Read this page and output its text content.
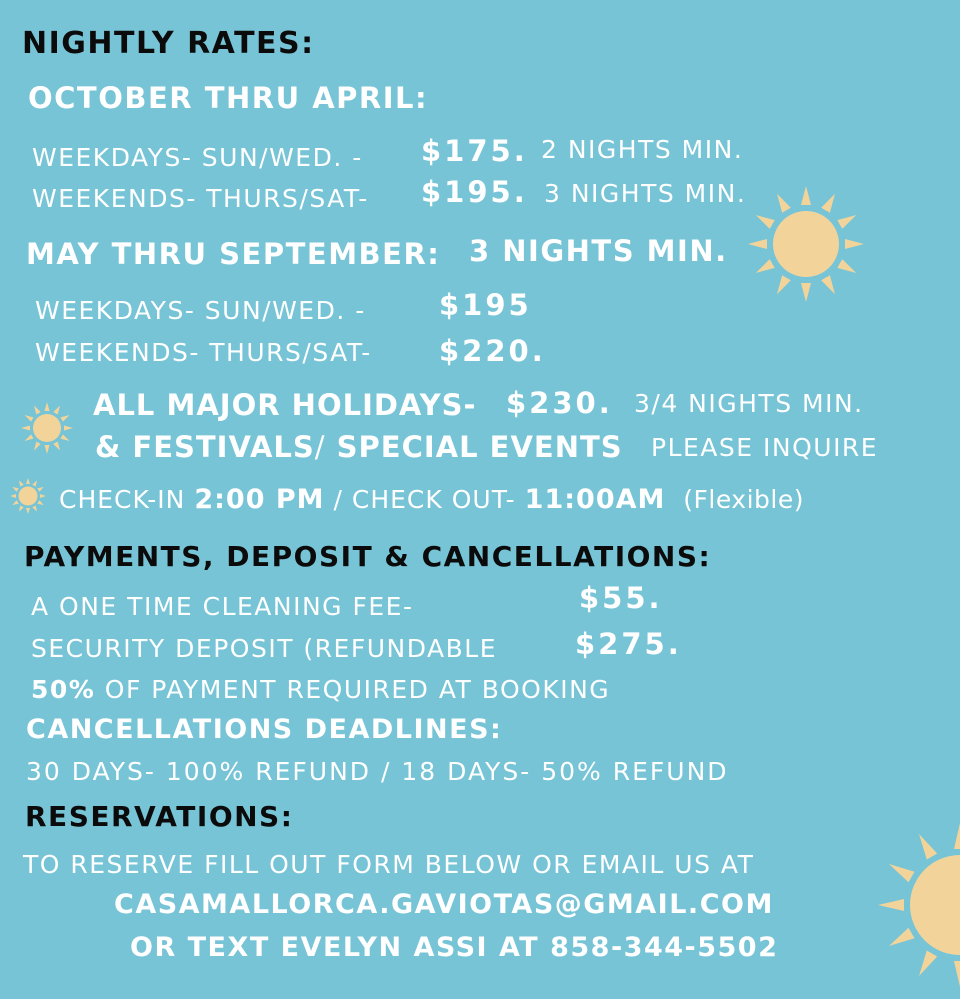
NIGHTLY RATES:
OCTOBER THRU APRIL:
WEEKDAYS- SUN/WED. - $175. 2 NIGHTS MIN.
WEEKENDS- THURS/SAT- $195. 3 NIGHTS MIN.
MAY THRU SEPTEMBER: 3 NIGHTS MIN.
WEEKDAYS- SUN/WED. -	$195
WEEKENDS- THURS/SAT- $220.
ALL MAJOR HOLIDAYS- $230. 3/4 NIGHTS MIN.
& FESTIVALS/ SPECIAL EVENTS PLEASE INQUIRE
CHECK-IN 2:00 PM / CHECK OUT- 11:00AM (Flexible)
PAYMENTS, DEPOSIT & CANCELLATIONS:
A ONE TIME CLEANING FEE-	$55.
SECURITY DEPOSIT (REFUNDABLE	$275.
50% OF PAYMENT REQUIRED AT BOOKING
CANCELLATIONS DEADLINES:
30 DAYS- 100% REFUND / 18 DAYS- 50% REFUND
RESERVATIONS:
TO RESERVE FILL OUT FORM BELOW OR EMAIL US AT
CASAMALLORCA.GAVIOTAS@GMAIL.COM
OR TEXT EVELYN ASSI AT 858-344-5502
